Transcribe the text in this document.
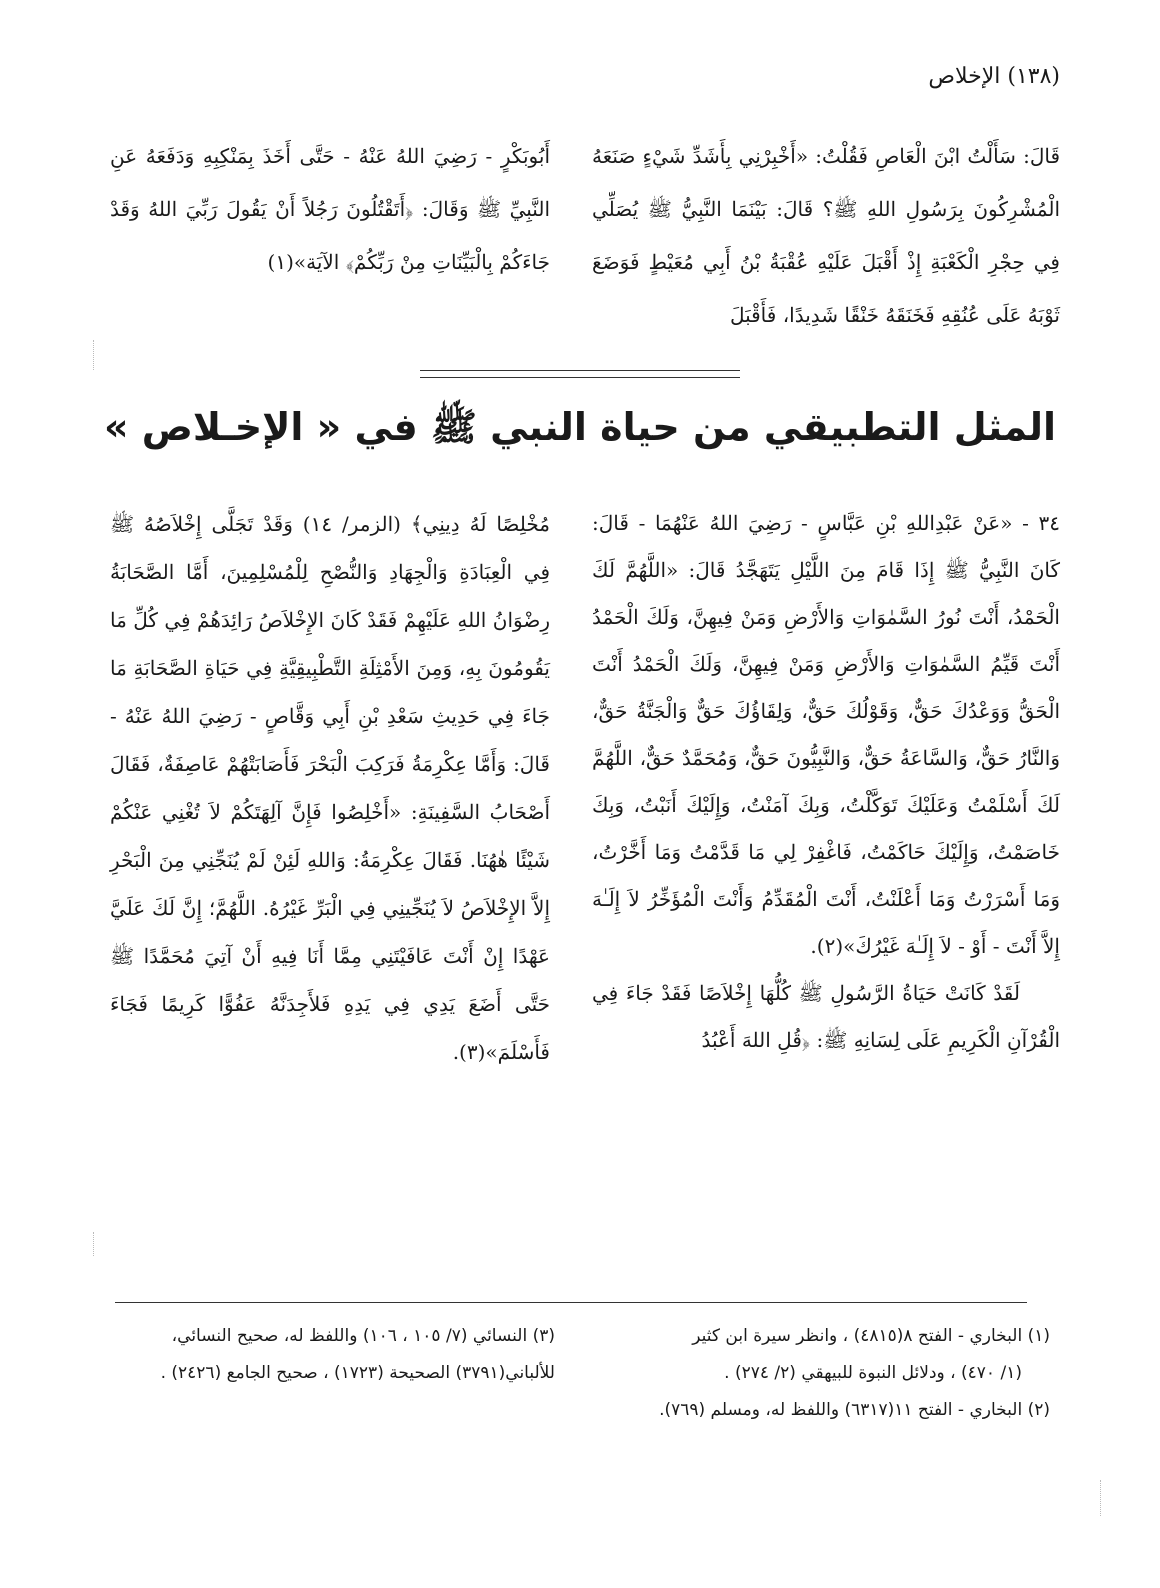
(١٣٨) الإخلاص

قَالَ: سَأَلْتُ ابْنَ الْعَاصِ فَقُلْتُ: «أَخْبِرْنِي بِأَشَدِّ شَيْءٍ صَنَعَهُ الْمُشْرِكُونَ بِرَسُولِ اللهِ ﷺ؟ قَالَ: بَيْنَمَا النَّبِيُّ ﷺ يُصَلِّي فِي حِجْرِ الْكَعْبَةِ إِذْ أَقْبَلَ عَلَيْهِ عُقْبَةُ بْنُ أَبِي مُعَيْطٍ فَوَضَعَ ثَوْبَهُ عَلَى عُنُقِهِ فَخَنَقَهُ خَنْقًا شَدِيدًا، فَأَقْبَلَ

أَبُوبَكْرٍ - رَضِيَ اللهُ عَنْهُ - حَتَّى أَخَذَ بِمَنْكِبِهِ وَدَفَعَهُ عَنِ النَّبِيِّ ﷺ وَقَالَ: ﴿أَتَقْتُلُونَ رَجُلاً أَنْ يَقُولَ رَبِّيَ اللهُ وَقَدْ جَاءَكُمْ بِالْبَيِّنَاتِ مِنْ رَبِّكُمْ﴾ الآيَة»(١)

المثل التطبيقي من حياة النبي ﷺ في « الإخـلاص »

٣٤ - «عَنْ عَبْدِاللهِ بْنِ عَبَّاسٍ - رَضِيَ اللهُ عَنْهُمَا - قَالَ: كَانَ النَّبِيُّ ﷺ إِذَا قَامَ مِنَ اللَّيْلِ يَتَهَجَّدُ قَالَ: «اللَّهُمَّ لَكَ الْحَمْدُ، أَنْتَ نُورُ السَّمٰوَاتِ وَالأَرْضِ وَمَنْ فِيهِنَّ، وَلَكَ الْحَمْدُ أَنْتَ قَيِّمُ السَّمٰوَاتِ وَالأَرْضِ وَمَنْ فِيهِنَّ، وَلَكَ الْحَمْدُ أَنْتَ الْحَقُّ وَوَعْدُكَ حَقٌّ، وَقَوْلُكَ حَقٌّ، وَلِقَاؤُكَ حَقٌّ وَالْجَنَّةُ حَقٌّ، وَالنَّارُ حَقٌّ، وَالسَّاعَةُ حَقٌّ، وَالنَّبِيُّونَ حَقٌّ، وَمُحَمَّدٌ حَقٌّ، اللَّهُمَّ لَكَ أَسْلَمْتُ وَعَلَيْكَ تَوَكَّلْتُ، وَبِكَ آمَنْتُ، وَإِلَيْكَ أَنَبْتُ، وَبِكَ خَاصَمْتُ، وَإِلَيْكَ حَاكَمْتُ، فَاغْفِرْ لِي مَا قَدَّمْتُ وَمَا أَخَّرْتُ، وَمَا أَسْرَرْتُ وَمَا أَعْلَنْتُ، أَنْتَ الْمُقَدِّمُ وَأَنْتَ الْمُؤَخِّرُ لاَ إِلَـٰهَ إِلاَّ أَنْتَ - أَوْ - لاَ إِلَـٰهَ غَيْرُكَ»(٢).

لَقَدْ كَانَتْ حَيَاةُ الرَّسُولِ ﷺ كُلُّهَا إِخْلاَصًا فَقَدْ جَاءَ فِي الْقُرْآنِ الْكَرِيمِ عَلَى لِسَانِهِ ﷺ: ﴿قُلِ اللهَ أَعْبُدُ

مُخْلِصًا لَهُ دِينِي﴾ (الزمر/ ١٤) وَقَدْ تَجَلَّى إِخْلاَصُهُ ﷺ فِي الْعِبَادَةِ وَالْجِهَادِ وَالنُّصْحِ لِلْمُسْلِمِينَ، أَمَّا الصَّحَابَةُ رِضْوَانُ اللهِ عَلَيْهِمْ فَقَدْ كَانَ الإِخْلاَصُ رَائِدَهُمْ فِي كُلِّ مَا يَقُومُونَ بِهِ، وَمِنَ الأَمْثِلَةِ التَّطْبِيقِيَّةِ فِي حَيَاةِ الصَّحَابَةِ مَا جَاءَ فِي حَدِيثِ سَعْدِ بْنِ أَبِي وَقَّاصٍ - رَضِيَ اللهُ عَنْهُ - قَالَ: وَأَمَّا عِكْرِمَةُ فَرَكِبَ الْبَحْرَ فَأَصَابَتْهُمْ عَاصِفَةٌ، فَقَالَ أَصْحَابُ السَّفِينَةِ: «أَخْلِصُوا فَإِنَّ آلِهَتَكُمْ لاَ تُغْنِي عَنْكُمْ شَيْئًا هٰهُنَا. فَقَالَ عِكْرِمَةُ: وَاللهِ لَئِنْ لَمْ يُنَجِّنِي مِنَ الْبَحْرِ إِلاَّ الإِخْلاَصُ لاَ يُنَجِّينِي فِي الْبَرِّ غَيْرُهُ. اللَّهُمَّ؛ إِنَّ لَكَ عَلَيَّ عَهْدًا إِنْ أَنْتَ عَافَيْتَنِي مِمَّا أَنَا فِيهِ أَنْ آتِيَ مُحَمَّدًا ﷺ حَتَّى أَضَعَ يَدِي فِي يَدِهِ فَلأَجِدَنَّهُ عَفُوًّا كَرِيمًا فَجَاءَ فَأَسْلَمَ»(٣).

(١) البخاري - الفتح ٨(٤٨١٥) ، وانظر سيرة ابن كثير

(١/ ٤٧٠) ، ودلائل النبوة للبيهقي (٢/ ٢٧٤) .

(٢) البخاري - الفتح ١١(٦٣١٧) واللفظ له، ومسلم (٧٦٩).

(٣) النسائي (٧/ ١٠٥ ، ١٠٦) واللفظ له، صحيح النسائي، للألباني(٣٧٩١) الصحيحة (١٧٢٣) ، صحيح الجامع (٢٤٢٦) .
